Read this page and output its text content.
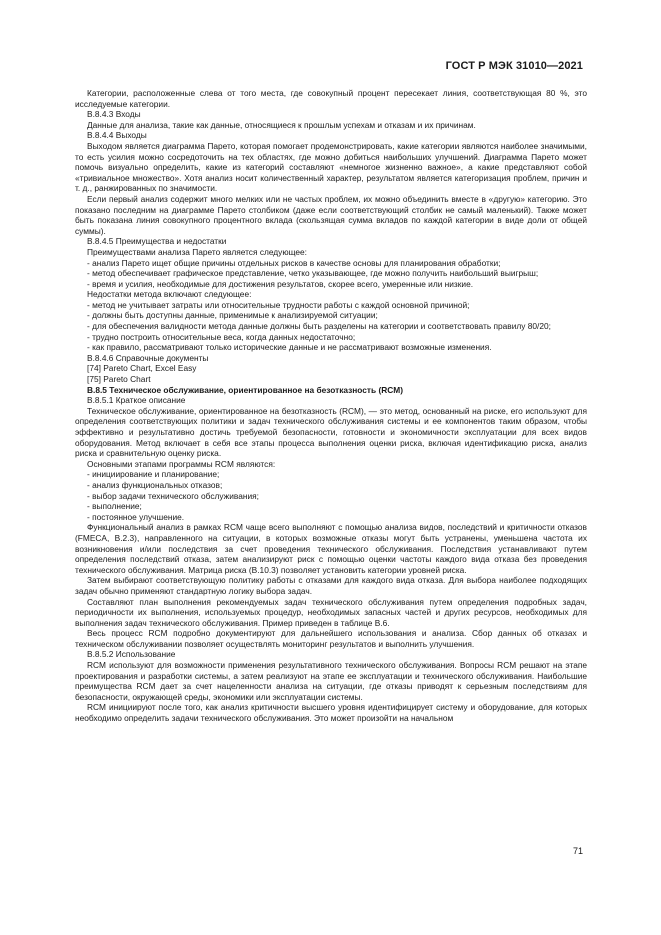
ГОСТ Р МЭК 31010—2021

Категории, расположенные слева от того места, где совокупный процент пересекает линия, соответствующая 80 %, это исследуемые категории.

B.8.4.3 Входы

Данные для анализа, такие как данные, относящиеся к прошлым успехам и отказам и их причинам.

B.8.4.4 Выходы

Выходом является диаграмма Парето, которая помогает продемонстрировать, какие категории являются наиболее значимыми, то есть усилия можно сосредоточить на тех областях, где можно добиться наибольших улучшений. Диаграмма Парето может помочь визуально определить, какие из категорий составляют «немногое жизненно важное», а какие представляют собой «тривиальное множество». Хотя анализ носит количественный характер, результатом является категоризация проблем, причин и т. д., ранжированных по значимости.

Если первый анализ содержит много мелких или не частых проблем, их можно объединить вместе в «другую» категорию. Это показано последним на диаграмме Парето столбиком (даже если соответствующий столбик не самый маленький). Также может быть показана линия совокупного процентного вклада (скользящая сумма вкладов по каждой категории в виде доли от общей суммы).

B.8.4.5 Преимущества и недостатки

Преимуществами анализа Парето является следующее:

- анализ Парето ищет общие причины отдельных рисков в качестве основы для планирования обработки;

- метод обеспечивает графическое представление, четко указывающее, где можно получить наибольший выигрыш;

- время и усилия, необходимые для достижения результатов, скорее всего, умеренные или низкие.

Недостатки метода включают следующее:

- метод не учитывает затраты или относительные трудности работы с каждой основной причиной;

- должны быть доступны данные, применимые к анализируемой ситуации;

- для обеспечения валидности метода данные должны быть разделены на категории и соответствовать правилу 80/20;

- трудно построить относительные веса, когда данных недостаточно;

- как правило, рассматривают только исторические данные и не рассматривают возможные изменения.

B.8.4.6 Справочные документы

[74] Pareto Chart, Excel Easy

[75] Pareto Chart

B.8.5 Техническое обслуживание, ориентированное на безотказность (RCM)

B.8.5.1 Краткое описание

Техническое обслуживание, ориентированное на безотказность (RCM), — это метод, основанный на риске, его используют для определения соответствующих политики и задач технического обслуживания системы и ее компонентов таким образом, чтобы эффективно и результативно достичь требуемой безопасности, готовности и экономичности эксплуатации для всех видов оборудования. Метод включает в себя все этапы процесса выполнения оценки риска, включая идентификацию риска, анализ риска и сравнительную оценку риска.

Основными этапами программы RCM являются:

- инициирование и планирование;

- анализ функциональных отказов;

- выбор задачи технического обслуживания;

- выполнение;

- постоянное улучшение.

Функциональный анализ в рамках RCM чаще всего выполняют с помощью анализа видов, последствий и критичности отказов (FMECA, B.2.3), направленного на ситуации, в которых возможные отказы могут быть устранены, уменьшена частота их возникновения и/или последствия за счет проведения технического обслуживания. Последствия устанавливают путем определения последствий отказа, затем анализируют риск с помощью оценки частоты каждого вида отказа без проведения технического обслуживания. Матрица риска (B.10.3) позволяет установить категории уровней риска.

Затем выбирают соответствующую политику работы с отказами для каждого вида отказа. Для выбора наиболее подходящих задач обычно применяют стандартную логику выбора задач.

Составляют план выполнения рекомендуемых задач технического обслуживания путем определения подробных задач, периодичности их выполнения, используемых процедур, необходимых запасных частей и других ресурсов, необходимых для выполнения задач технического обслуживания. Пример приведен в таблице B.6.

Весь процесс RCM подробно документируют для дальнейшего использования и анализа. Сбор данных об отказах и техническом обслуживании позволяет осуществлять мониторинг результатов и выполнить улучшения.

B.8.5.2 Использование

RCM используют для возможности применения результативного технического обслуживания. Вопросы RCM решают на этапе проектирования и разработки системы, а затем реализуют на этапе ее эксплуатации и технического обслуживания. Наибольшие преимущества RCM дает за счет нацеленности анализа на ситуации, где отказы приводят к серьезным последствиям для безопасности, окружающей среды, экономики или эксплуатации системы.

RCM инициируют после того, как анализ критичности высшего уровня идентифицирует систему и оборудование, для которых необходимо определить задачи технического обслуживания. Это может произойти на начальном

71
